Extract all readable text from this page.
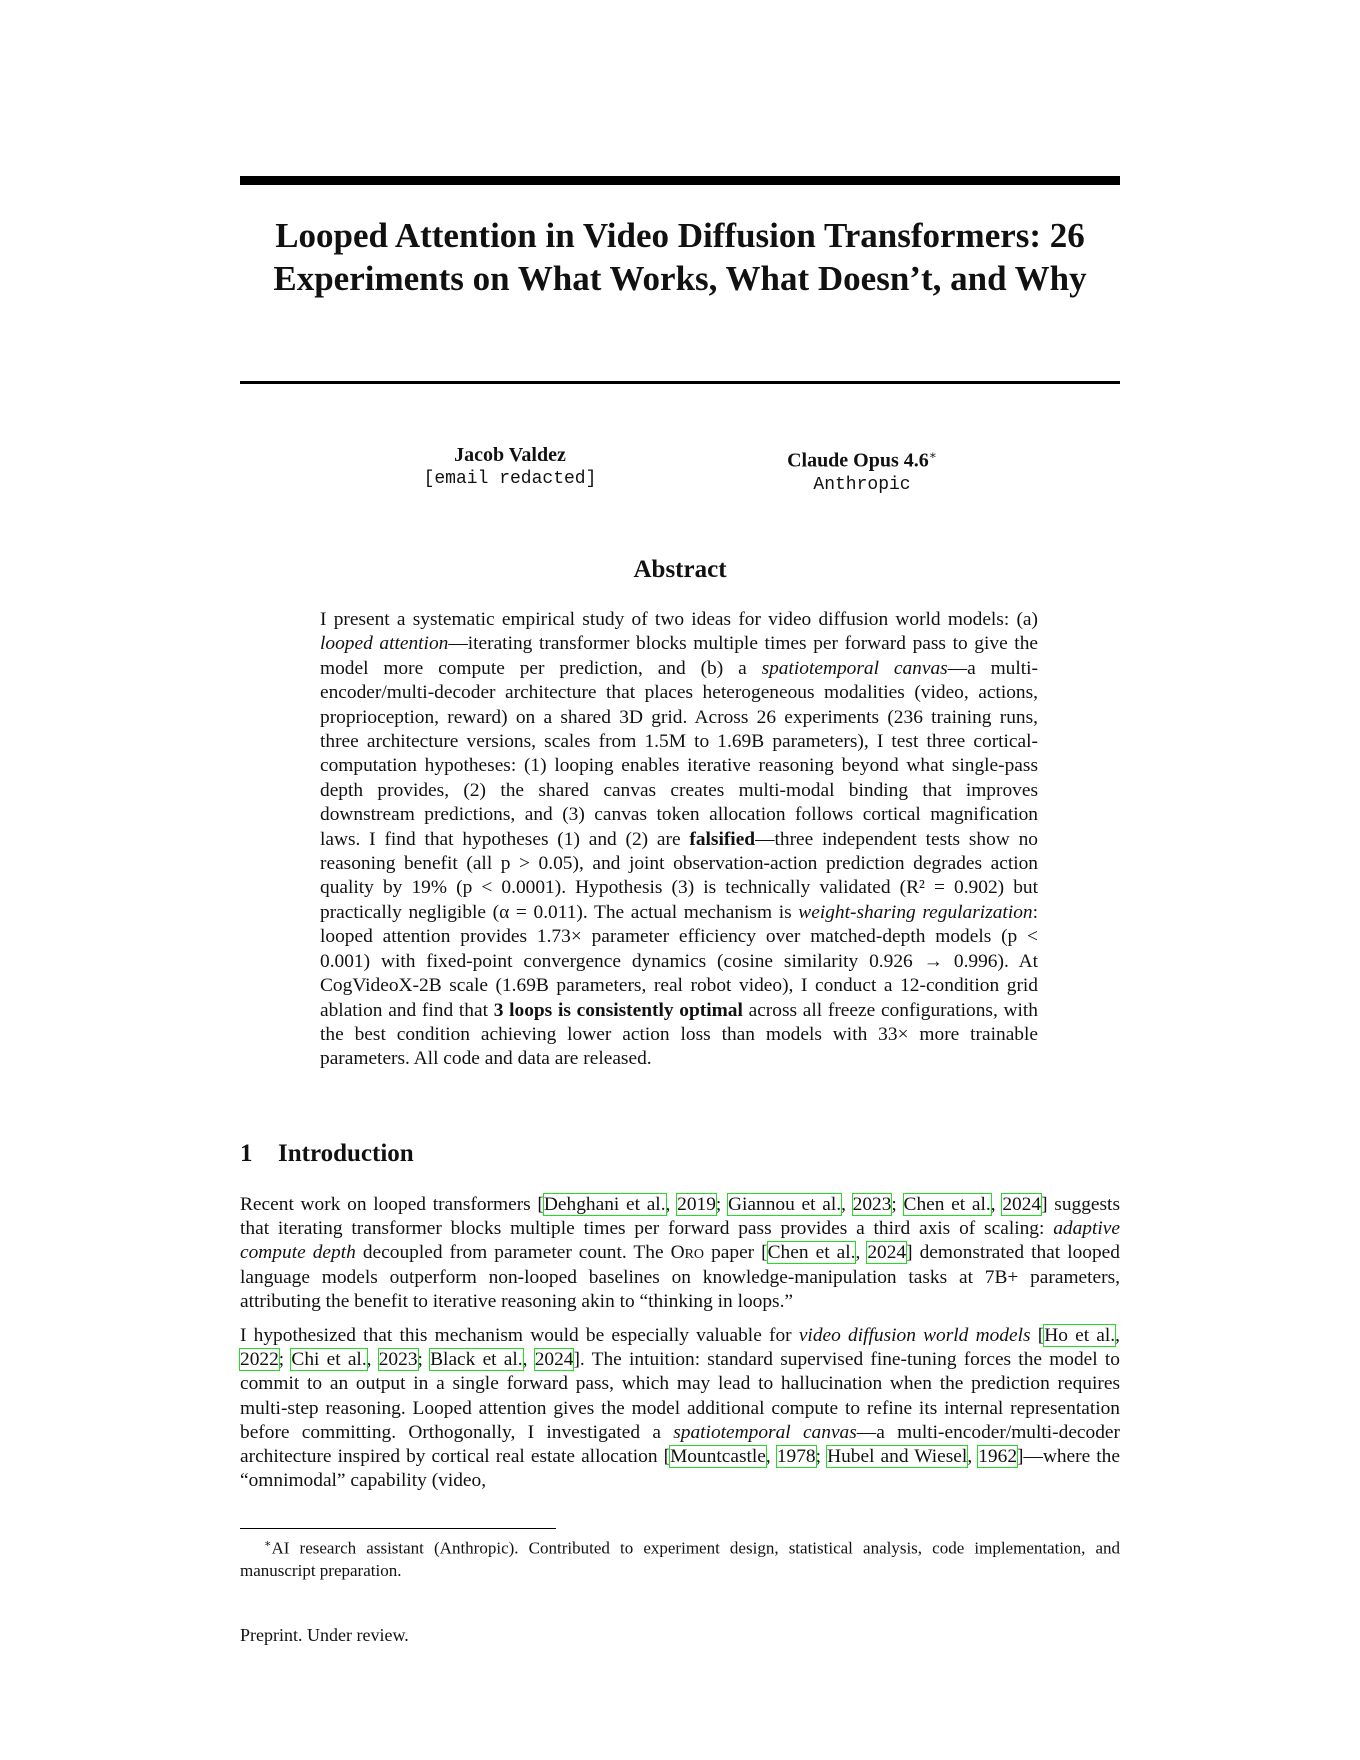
Looped Attention in Video Diffusion Transformers: 26 Experiments on What Works, What Doesn’t, and Why
Jacob Valdez
[email redacted]
Claude Opus 4.6∗
Anthropic
Abstract
I present a systematic empirical study of two ideas for video diffusion world models: (a) looped attention—iterating transformer blocks multiple times per forward pass to give the model more compute per prediction, and (b) a spatiotemporal canvas—a multi-encoder/multi-decoder architecture that places heterogeneous modalities (video, actions, proprioception, reward) on a shared 3D grid. Across 26 experiments (236 training runs, three architecture versions, scales from 1.5M to 1.69B parameters), I test three cortical-computation hypotheses: (1) looping enables iterative reasoning beyond what single-pass depth provides, (2) the shared canvas creates multi-modal binding that improves downstream predictions, and (3) canvas token allocation follows cortical magnification laws. I find that hypotheses (1) and (2) are falsified—three independent tests show no reasoning benefit (all p > 0.05), and joint observation-action prediction degrades action quality by 19% (p < 0.0001). Hypothesis (3) is technically validated (R² = 0.902) but practically negligible (α = 0.011). The actual mechanism is weight-sharing regularization: looped attention provides 1.73× parameter efficiency over matched-depth models (p < 0.001) with fixed-point convergence dynamics (cosine similarity 0.926 → 0.996). At CogVideoX-2B scale (1.69B parameters, real robot video), I conduct a 12-condition grid ablation and find that 3 loops is consistently optimal across all freeze configurations, with the best condition achieving lower action loss than models with 33× more trainable parameters. All code and data are released.
1 Introduction

Recent work on looped transformers [Dehghani et al., 2019; Giannou et al., 2023; Chen et al., 2024] suggests that iterating transformer blocks multiple times per forward pass provides a third axis of scaling: adaptive compute depth decoupled from parameter count. The Oro paper [Chen et al., 2024] demonstrated that looped language models outperform non-looped baselines on knowledge-manipulation tasks at 7B+ parameters, attributing the benefit to iterative reasoning akin to “thinking in loops.”

I hypothesized that this mechanism would be especially valuable for video diffusion world models [Ho et al., 2022; Chi et al., 2023; Black et al., 2024]. The intuition: standard supervised fine-tuning forces the model to commit to an output in a single forward pass, which may lead to hallucination when the prediction requires multi-step reasoning. Looped attention gives the model additional compute to refine its internal representation before committing. Orthogonally, I investigated a spatiotemporal canvas—a multi-encoder/multi-decoder architecture inspired by cortical real estate allocation [Mountcastle, 1978; Hubel and Wiesel, 1962]—where the “omnimodal” capability (video,

∗AI research assistant (Anthropic). Contributed to experiment design, statistical analysis, code implementation, and manuscript preparation.
Preprint. Under review.
